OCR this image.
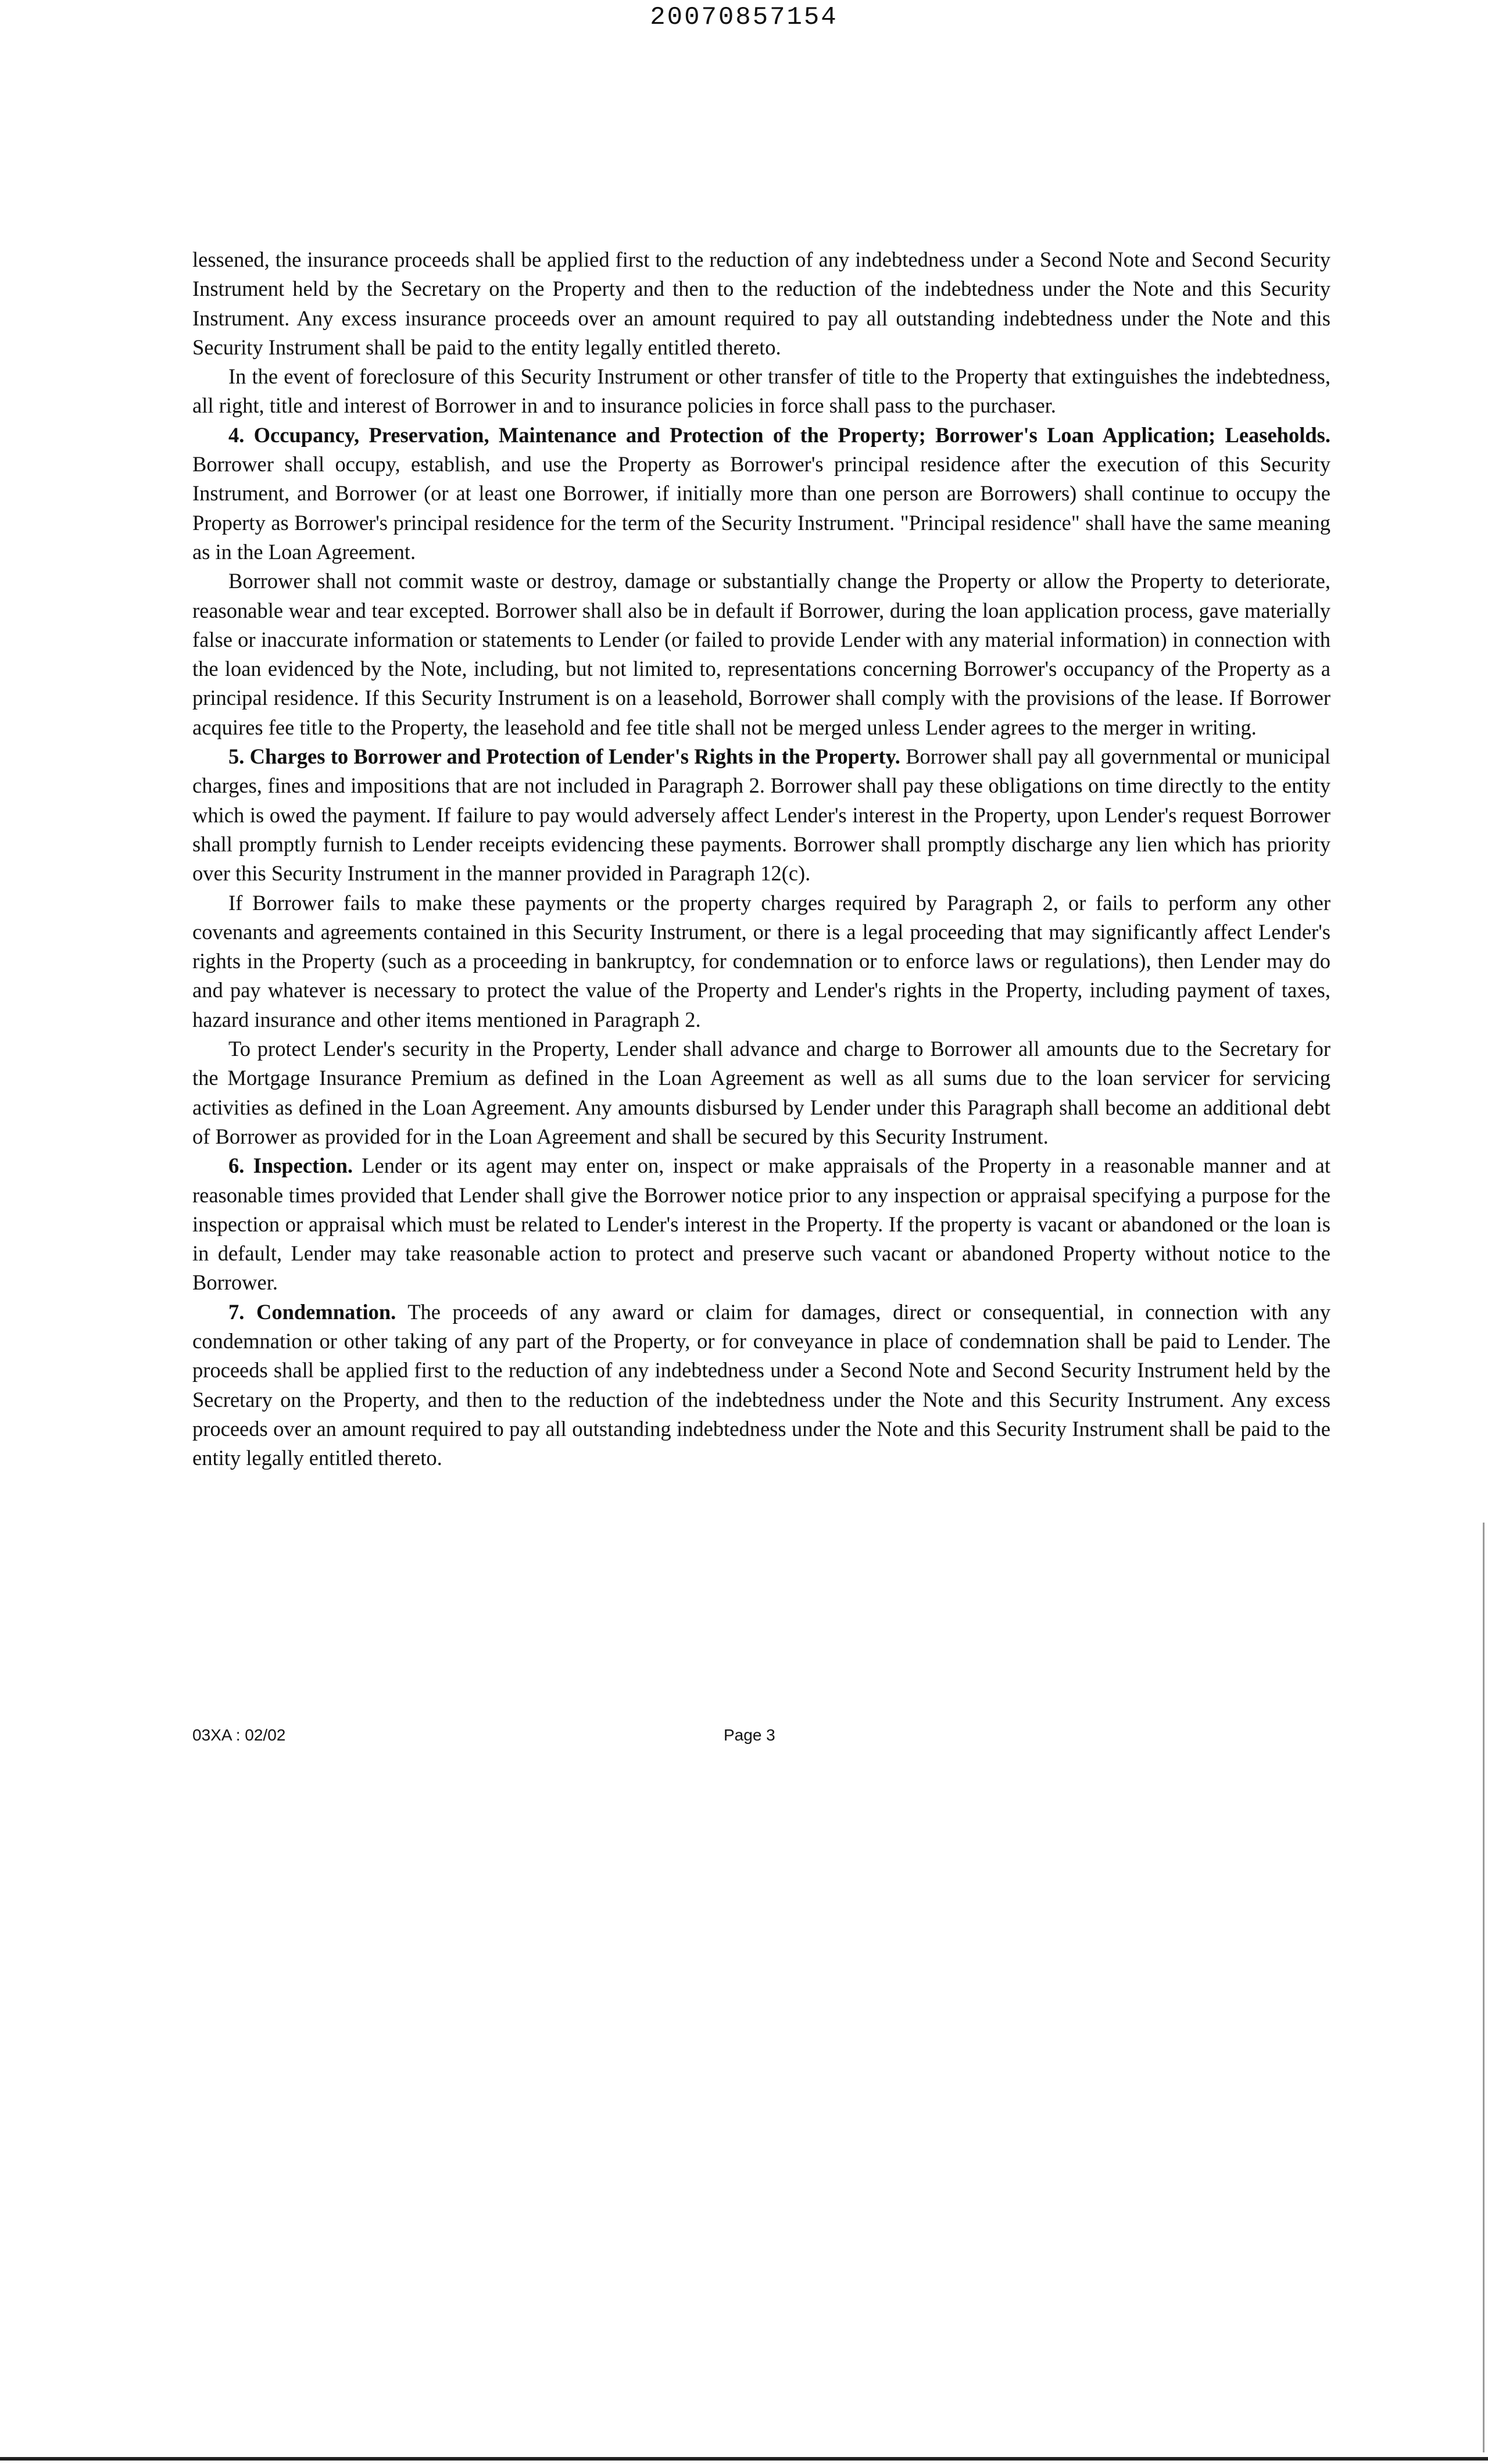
20070857154

lessened, the insurance proceeds shall be applied first to the reduction of any indebtedness under a Second Note and Second Security Instrument held by the Secretary on the Property and then to the reduction of the indebtedness under the Note and this Security Instrument. Any excess insurance proceeds over an amount required to pay all outstanding indebtedness under the Note and this Security Instrument shall be paid to the entity legally entitled thereto.

In the event of foreclosure of this Security Instrument or other transfer of title to the Property that extinguishes the indebtedness, all right, title and interest of Borrower in and to insurance policies in force shall pass to the purchaser.

4. Occupancy, Preservation, Maintenance and Protection of the Property; Borrower's Loan Application; Leaseholds. Borrower shall occupy, establish, and use the Property as Borrower's principal residence after the execution of this Security Instrument, and Borrower (or at least one Borrower, if initially more than one person are Borrowers) shall continue to occupy the Property as Borrower's principal residence for the term of the Security Instrument. "Principal residence" shall have the same meaning as in the Loan Agreement.

Borrower shall not commit waste or destroy, damage or substantially change the Property or allow the Property to deteriorate, reasonable wear and tear excepted. Borrower shall also be in default if Borrower, during the loan application process, gave materially false or inaccurate information or statements to Lender (or failed to provide Lender with any material information) in connection with the loan evidenced by the Note, including, but not limited to, representations concerning Borrower's occupancy of the Property as a principal residence. If this Security Instrument is on a leasehold, Borrower shall comply with the provisions of the lease. If Borrower acquires fee title to the Property, the leasehold and fee title shall not be merged unless Lender agrees to the merger in writing.

5. Charges to Borrower and Protection of Lender's Rights in the Property. Borrower shall pay all governmental or municipal charges, fines and impositions that are not included in Paragraph 2. Borrower shall pay these obligations on time directly to the entity which is owed the payment. If failure to pay would adversely affect Lender's interest in the Property, upon Lender's request Borrower shall promptly furnish to Lender receipts evidencing these payments. Borrower shall promptly discharge any lien which has priority over this Security Instrument in the manner provided in Paragraph 12(c).

If Borrower fails to make these payments or the property charges required by Paragraph 2, or fails to perform any other covenants and agreements contained in this Security Instrument, or there is a legal proceeding that may significantly affect Lender's rights in the Property (such as a proceeding in bankruptcy, for condemnation or to enforce laws or regulations), then Lender may do and pay whatever is necessary to protect the value of the Property and Lender's rights in the Property, including payment of taxes, hazard insurance and other items mentioned in Paragraph 2.

To protect Lender's security in the Property, Lender shall advance and charge to Borrower all amounts due to the Secretary for the Mortgage Insurance Premium as defined in the Loan Agreement as well as all sums due to the loan servicer for servicing activities as defined in the Loan Agreement. Any amounts disbursed by Lender under this Paragraph shall become an additional debt of Borrower as provided for in the Loan Agreement and shall be secured by this Security Instrument.

6. Inspection. Lender or its agent may enter on, inspect or make appraisals of the Property in a reasonable manner and at reasonable times provided that Lender shall give the Borrower notice prior to any inspection or appraisal specifying a purpose for the inspection or appraisal which must be related to Lender's interest in the Property. If the property is vacant or abandoned or the loan is in default, Lender may take reasonable action to protect and preserve such vacant or abandoned Property without notice to the Borrower.

7. Condemnation. The proceeds of any award or claim for damages, direct or consequential, in connection with any condemnation or other taking of any part of the Property, or for conveyance in place of condemnation shall be paid to Lender. The proceeds shall be applied first to the reduction of any indebtedness under a Second Note and Second Security Instrument held by the Secretary on the Property, and then to the reduction of the indebtedness under the Note and this Security Instrument. Any excess proceeds over an amount required to pay all outstanding indebtedness under the Note and this Security Instrument shall be paid to the entity legally entitled thereto.

03XA : 02/02	Page 3
